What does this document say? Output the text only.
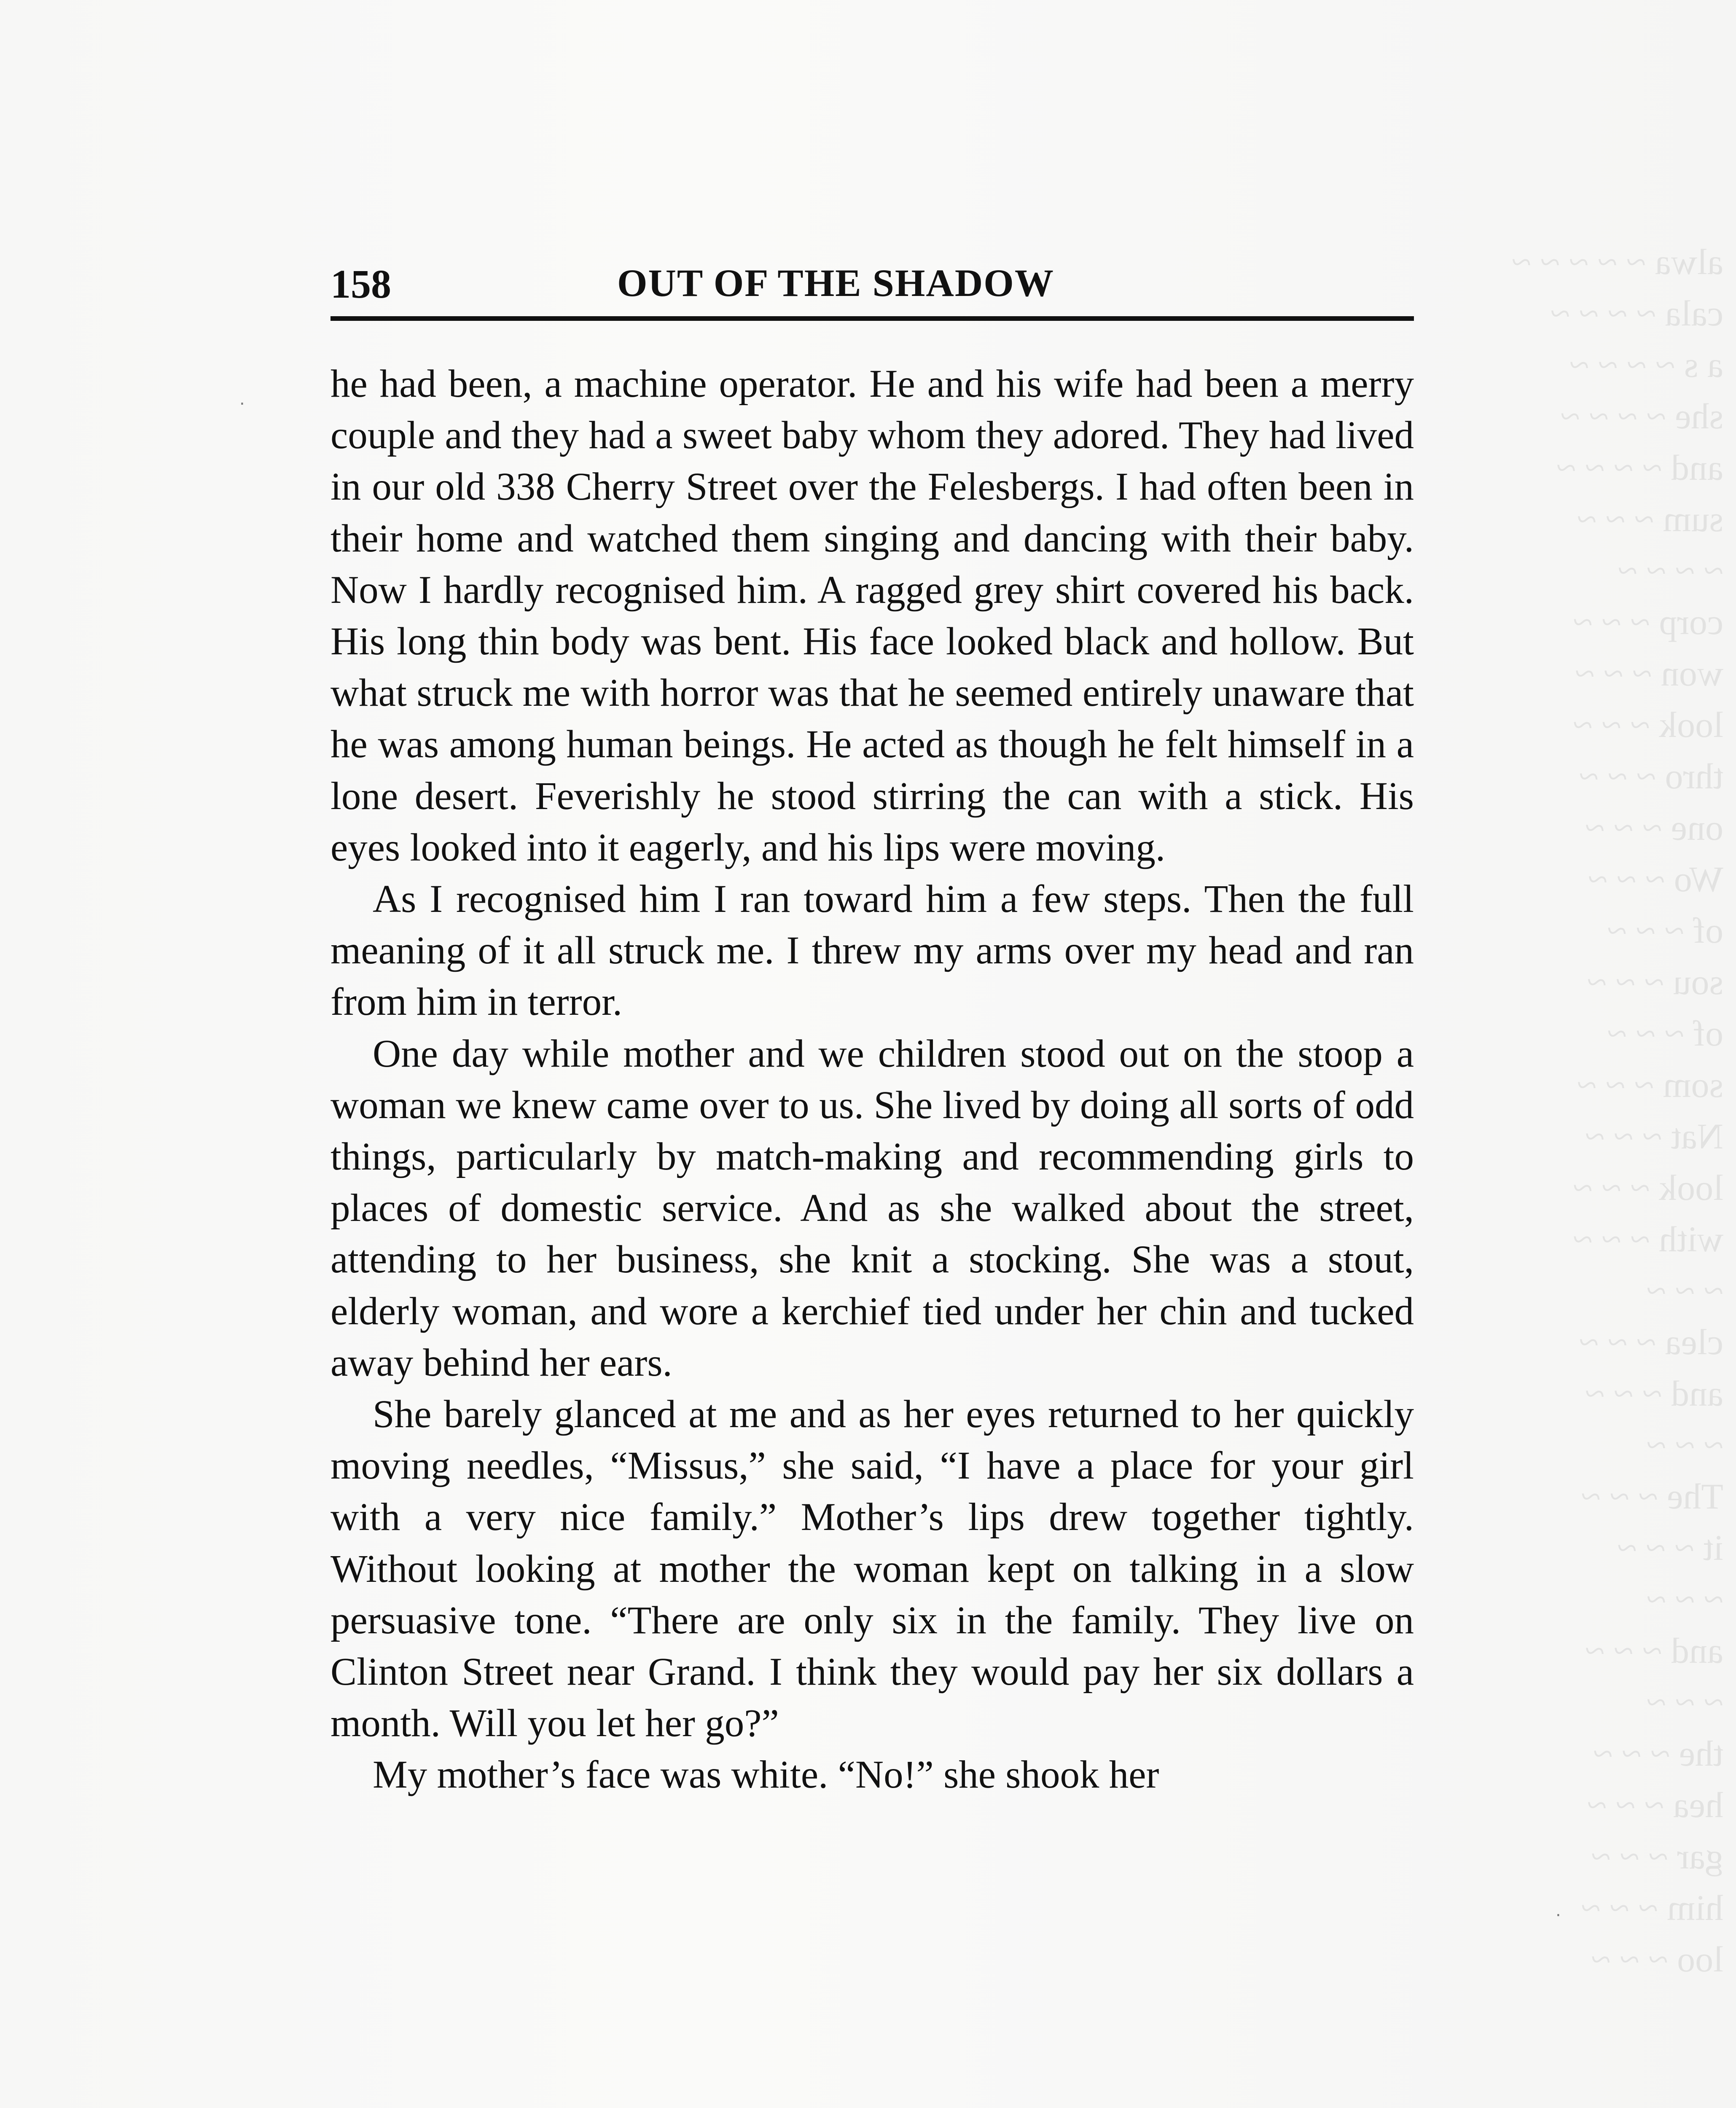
alwa ~ ~ ~ ~ ~
cala ~ ~ ~ ~
a s ~ ~ ~ ~
she ~ ~ ~ ~
and ~ ~ ~ ~
sum ~ ~ ~
~ ~ ~ ~
corp ~ ~ ~
won ~ ~ ~
look ~ ~ ~
thro ~ ~ ~
one ~ ~ ~
Wo ~ ~ ~
of ~ ~ ~
sou ~ ~ ~
of ~ ~ ~
som ~ ~ ~
Nat ~ ~ ~
look ~ ~ ~
with ~ ~ ~
~ ~ ~
clea ~ ~ ~
and ~ ~ ~
~ ~ ~
The ~ ~ ~
it ~ ~ ~
~ ~ ~
and ~ ~ ~
~ ~ ~
the ~ ~ ~
hea ~ ~ ~
gar ~ ~ ~
him ~ ~ ~
loo ~ ~ ~
‧
‧
158	OUT OF THE SHADOW

he had been, a machine operator. He and his wife had been a merry couple and they had a sweet baby whom they adored. They had lived in our old 338 Cherry Street over the Felesbergs. I had often been in their home and watched them singing and dancing with their baby. Now I hardly recognised him. A ragged grey shirt covered his back. His long thin body was bent. His face looked black and hollow. But what struck me with horror was that he seemed entirely unaware that he was among human beings. He acted as though he felt himself in a lone desert. Feverishly he stood stirring the can with a stick. His eyes looked into it eagerly, and his lips were moving.

As I recognised him I ran toward him a few steps. Then the full meaning of it all struck me. I threw my arms over my head and ran from him in terror.

One day while mother and we children stood out on the stoop a woman we knew came over to us. She lived by doing all sorts of odd things, particularly by match-making and recommending girls to places of domestic service. And as she walked about the street, attending to her business, she knit a stocking. She was a stout, elderly woman, and wore a kerchief tied under her chin and tucked away behind her ears.

She barely glanced at me and as her eyes returned to her quickly moving needles, “Missus,” she said, “I have a place for your girl with a very nice family.” Mother’s lips drew together tightly. Without looking at mother the woman kept on talking in a slow persuasive tone. “There are only six in the family. They live on Clinton Street near Grand. I think they would pay her six dollars a month. Will you let her go?”

My mother’s face was white. “No!” she shook her
